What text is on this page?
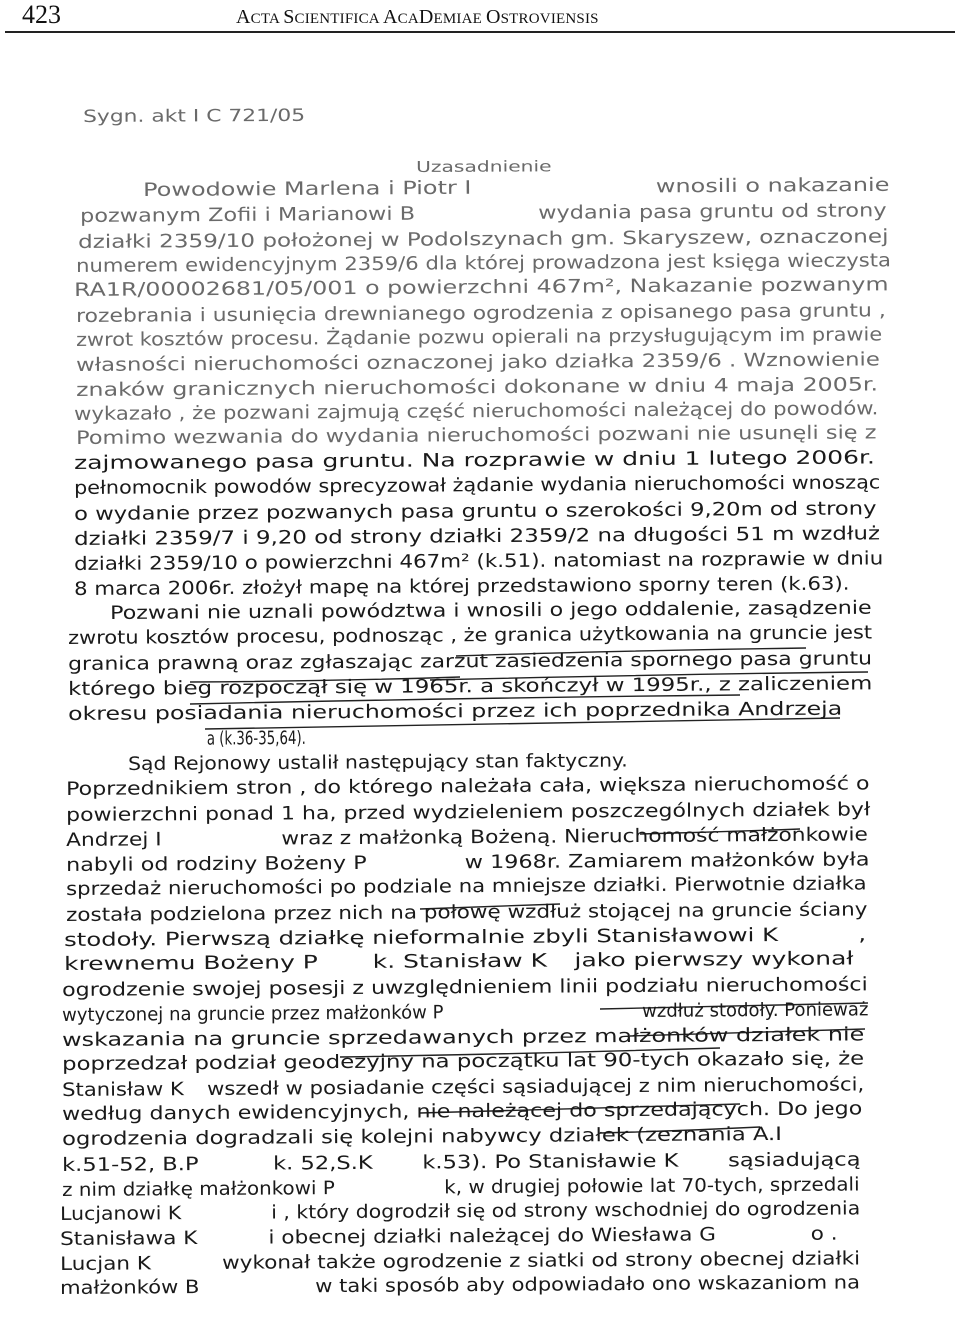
423	ACTA SCIENTIFICA ACADEMIAE OSTROVIENSIS
Sygn. akt I C 721/05
Uzasadnienie
Powodowie Marlena i Piotr I	wnosili o nakazanie
pozwanym Zofii i Marianowi B	wydania pasa gruntu od strony
działki 2359/10 położonej w Podolszynach gm. Skaryszew, oznaczonej
numerem ewidencyjnym 2359/6 dla której prowadzona jest księga wieczysta
RA1R/00002681/05/001 o powierzchni 467m², Nakazanie pozwanym
rozebrania i usunięcia drewnianego ogrodzenia z opisanego pasa gruntu ,
zwrot kosztów procesu. Żądanie pozwu opierali na przysługującym im prawie
własności nieruchomości oznaczonej jako działka 2359/6 . Wznowienie
znaków granicznych nieruchomości dokonane w dniu 4 maja 2005r.
wykazało , że pozwani zajmują część nieruchomości należącej do powodów.
Pomimo wezwania do wydania nieruchomości pozwani nie usunęli się z
zajmowanego pasa gruntu. Na rozprawie w dniu 1 lutego 2006r.
pełnomocnik powodów sprecyzował żądanie wydania nieruchomości wnosząc
o wydanie przez pozwanych pasa gruntu o szerokości 9,20m od strony
działki 2359/7 i 9,20 od strony działki 2359/2 na długości 51 m wzdłuż
działki 2359/10 o powierzchni 467m² (k.51). natomiast na rozprawie w dniu
8 marca 2006r. złożył mapę na której przedstawiono sporny teren (k.63).
Pozwani nie uznali powództwa i wnosili o jego oddalenie, zasądzenie
zwrotu kosztów procesu, podnosząc , że granica użytkowania na gruncie jest
granica prawną oraz zgłaszając zarzut zasiedzenia spornego pasa gruntu
którego bieg rozpoczął się w 1965r. a skończył w 1995r., z zaliczeniem
okresu posiadania nieruchomości przez ich poprzednika Andrzeja
a (k.36-35,64).
Sąd Rejonowy ustalił następujący stan faktyczny.
Poprzednikiem stron , do którego należała cała, większa nieruchomość o
powierzchni ponad 1 ha, przed wydzieleniem poszczególnych działek był
Andrzej I	wraz z małżonką Bożeną. Nieruchomość małżonkowie
nabyli od rodziny Bożeny P	w 1968r. Zamiarem małżonków była
sprzedaż nieruchomości po podziale na mniejsze działki. Pierwotnie działka
została podzielona przez nich na połowę wzdłuż stojącej na gruncie ściany
stodoły. Pierwszą działkę nieformalnie zbyli Stanisławowi K	,
krewnemu Bożeny P	k. Stanisław K jako pierwszy wykonał
ogrodzenie swojej posesji z uwzględnieniem linii podziału nieruchomości
wytyczonej na gruncie przez małżonków P	wzdłuż stodoły. Ponieważ
wskazania na gruncie sprzedawanych przez małżonków działek nie
poprzedzał podział geodezyjny na początku lat 90-tych okazało się, że
Stanisław K wszedł w posiadanie części sąsiadującej z nim nieruchomości,
według danych ewidencyjnych, nie należącej do sprzedających. Do jego
ogrodzenia dogradzali się kolejni nabywcy działek (zeznania A.I
k.51-52, B.P	k. 52,S.K	k.53). Po Stanisławie K	sąsiadującą
z nim działkę małżonkowi P	k, w drugiej połowie lat 70-tych, sprzedali
Lucjanowi K	i , który dogrodził się od strony wschodniej do ogrodzenia
Stanisława K	i obecnej działki należącej do Wiesława G	o .
Lucjan K	wykonał także ogrodzenie z siatki od strony obecnej działki
małżonków B	w taki sposób aby odpowiadało ono wskazaniom na
